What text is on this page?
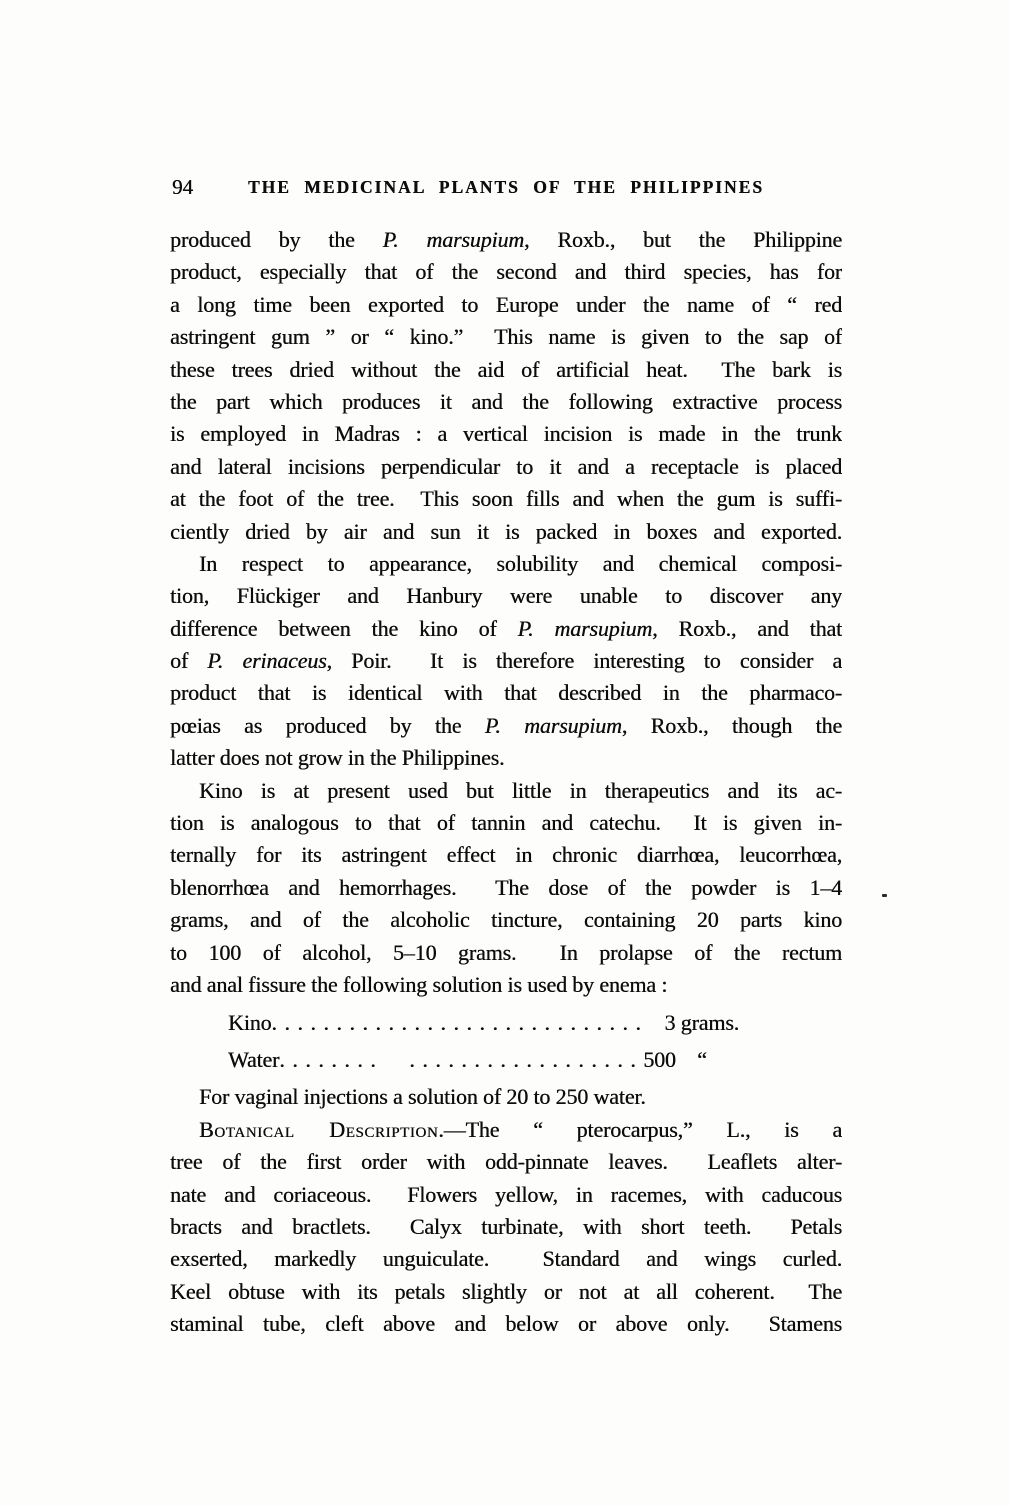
94	THE MEDICINAL PLANTS OF THE PHILIPPINES
produced by the P. marsupium, Roxb., but the Philippine
product, especially that of the second and third species, has for
a long time been exported to Europe under the name of “ red
astringent gum ” or “ kino.”  This name is given to the sap of
these trees dried without the aid of artificial heat.  The bark is
the part which produces it and the following extractive process
is employed in Madras : a vertical incision is made in the trunk
and lateral incisions perpendicular to it and a receptacle is placed
at the foot of the tree.  This soon fills and when the gum is suffi-
ciently dried by air and sun it is packed in boxes and exported.
In respect to appearance, solubility and chemical composi-
tion, Flückiger and Hanbury were unable to discover any
difference between the kino of P. marsupium, Roxb., and that
of P. erinaceus, Poir.  It is therefore interesting to consider a
product that is identical with that described in the pharmaco-
pœias as produced by the P. marsupium, Roxb., though the
latter does not grow in the Philippines.
Kino is at present used but little in therapeutics and its ac-
tion is analogous to that of tannin and catechu.  It is given in-
ternally for its astringent effect in chronic diarrhœa, leucorrhœa,
blenorrhœa and hemorrhages.  The dose of the powder is 1–4
grams, and of the alcoholic tincture, containing 20 parts kino
to 100 of alcohol, 5–10 grams.  In prolapse of the rectum
and anal fissure the following solution is used by enema :
Kino.............................   3 grams.
Water........  ..................500    “
For vaginal injections a solution of 20 to 250 water.
Botanical Description.—The “ pterocarpus,” L., is a
tree of the first order with odd-pinnate leaves.  Leaflets alter-
nate and coriaceous.  Flowers yellow, in racemes, with caducous
bracts and bractlets.  Calyx turbinate, with short teeth.  Petals
exserted, markedly unguiculate.  Standard and wings curled.
Keel obtuse with its petals slightly or not at all coherent.  The
staminal tube, cleft above and below or above only.  Stamens
